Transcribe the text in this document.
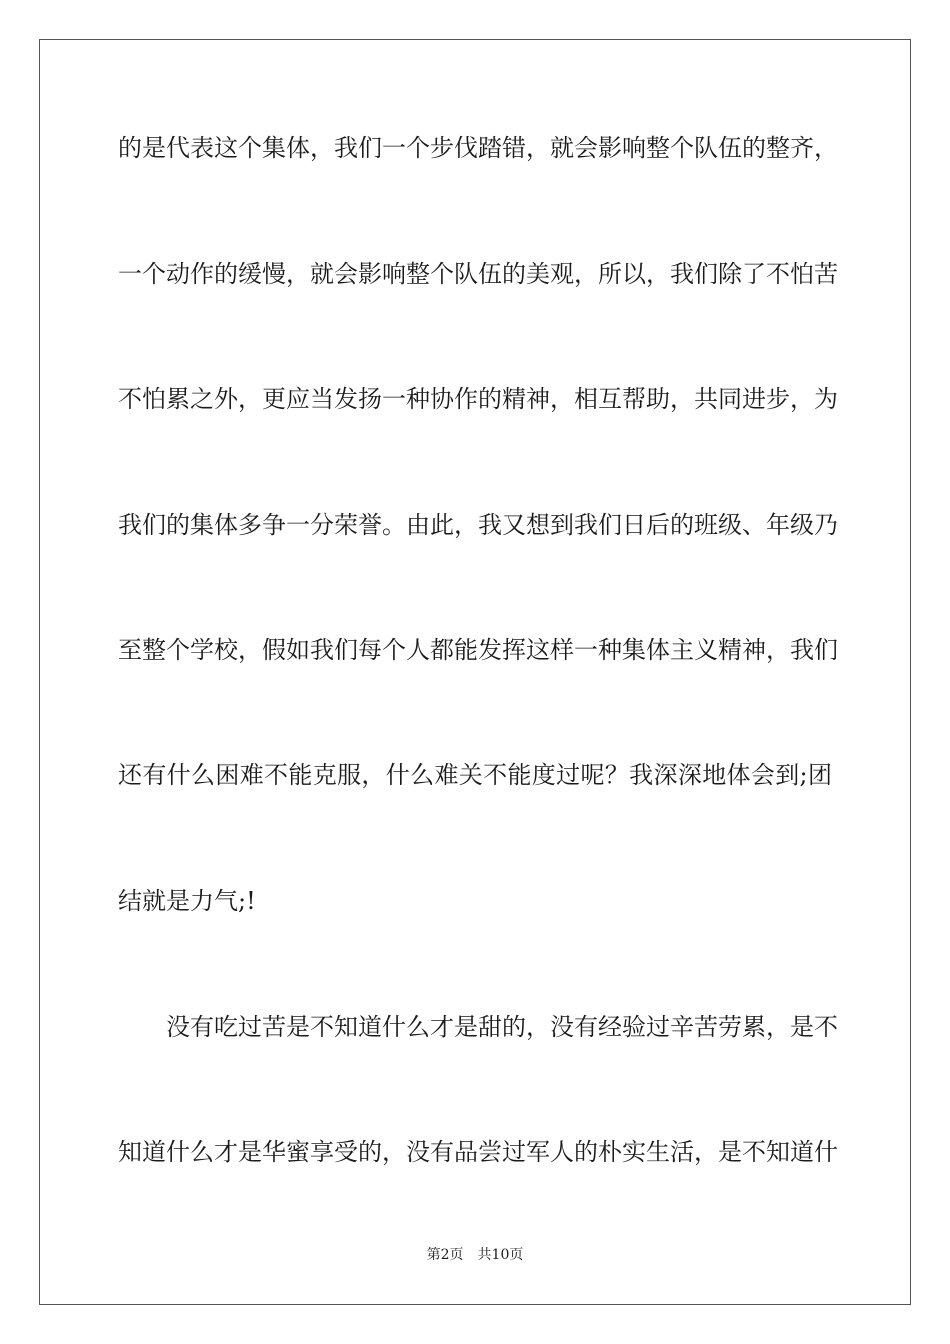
的是代表这个集体，我们一个步伐踏错，就会影响整个队伍的整齐，
一个动作的缓慢，就会影响整个队伍的美观，所以，我们除了不怕苦
不怕累之外，更应当发扬一种协作的精神，相互帮助，共同进步，为
我们的集体多争一分荣誉。由此，我又想到我们日后的班级、年级乃
至整个学校，假如我们每个人都能发挥这样一种集体主义精神，我们
还有什么困难不能克服，什么难关不能度过呢？我深深地体会到;团
结就是力气;!
　　没有吃过苦是不知道什么才是甜的，没有经验过辛苦劳累，是不
知道什么才是华蜜享受的，没有品尝过军人的朴实生活，是不知道什
第2页 共10页
